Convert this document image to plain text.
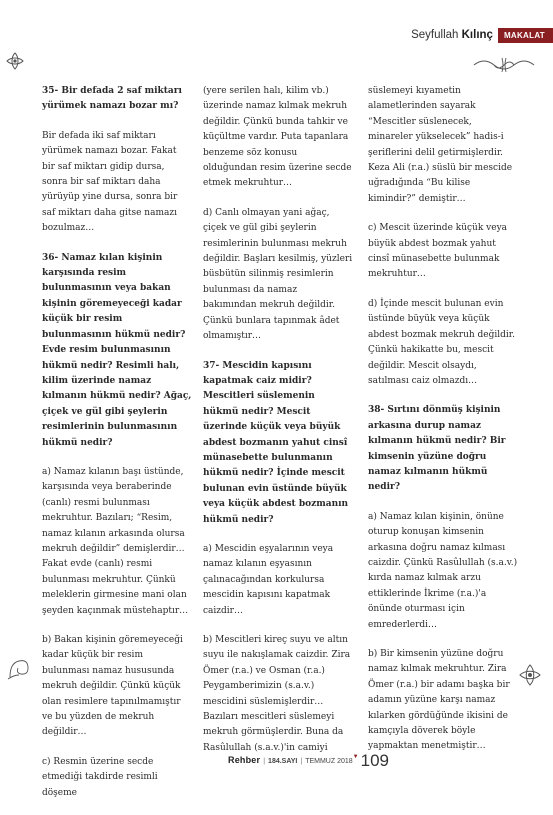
Seyfullah Kılınç	MAKALAT

35- Bir defada 2 saf miktarı yürümek namazı bozar mı?

Bir defada iki saf miktarı yürümek namazı bozar. Fakat bir saf miktarı gidip dursa, sonra bir saf miktarı daha yürüyüp yine dursa, sonra bir saf miktarı daha gitse namazı bozulmaz…

36- Namaz kılan kişinin karşısında resim bulunmasının veya bakan kişinin göremeyeceği kadar küçük bir resim bulunmasının hükmü nedir? Evde resim bulunmasının hükmü nedir? Resimli halı, kilim üzerinde namaz kılmanın hükmü nedir? Ağaç, çiçek ve gül gibi şeylerin resimlerinin bulunmasının hükmü nedir?

a) Namaz kılanın başı üstünde, karşısında veya beraberinde (canlı) resmi bulunması mekruhtur. Bazıları; “Resim, namaz kılanın arkasında olursa mekruh değildir” demişlerdir… Fakat evde (canlı) resmi bulunması mekruhtur. Çünkü meleklerin girmesine mani olan şeyden kaçınmak müstehaptır…

b) Bakan kişinin göremeyeceği kadar küçük bir resim bulunması namaz hususunda mekruh değildir. Çünkü küçük olan resimlere tapınılmamıştır ve bu yüzden de mekruh değildir…

c) Resmin üzerine secde etmediği takdirde resimli döşeme

(yere serilen halı, kilim vb.) üzerinde namaz kılmak mekruh değildir. Çünkü bunda tahkir ve küçültme vardır. Puta tapanlara benzeme söz konusu olduğundan resim üzerine secde etmek mekruhtur…

d) Canlı olmayan yani ağaç, çiçek ve gül gibi şeylerin resimlerinin bulunması mekruh değildir. Başları kesilmiş, yüzleri büsbütün silinmiş resimlerin bulunması da namaz bakımından mekruh değildir. Çünkü bunlara tapınmak âdet olmamıştır…

37- Mescidin kapısını kapatmak caiz midir? Mescitleri süslemenin hükmü nedir? Mescit üzerinde küçük veya büyük abdest bozmanın yahut cinsî münasebette bulunmanın hükmü nedir? İçinde mescit bulunan evin üstünde büyük veya küçük abdest bozmanın hükmü nedir?

a) Mescidin eşyalarının veya namaz kılanın eşyasının çalınacağından korkulursa mescidin kapısını kapatmak caizdir…

b) Mescitleri kireç suyu ve altın suyu ile nakışlamak caizdir. Zira Ömer (r.a.) ve Osman (r.a.) Peygamberimizin (s.a.v.) mescidini süslemişlerdir… Bazıları mescitleri süslemeyi mekruh görmüşlerdir. Buna da Rasûlullah (s.a.v.)'in camiyi

süslemeyi kıyametin alametlerinden sayarak “Mescitler süslenecek, minareler yükselecek” hadis-i şeriflerini delil getirmişlerdir. Keza Ali (r.a.) süslü bir mescide uğradığında “Bu kilise kimindir?” demiştir…

c) Mescit üzerinde küçük veya büyük abdest bozmak yahut cinsî münasebette bulunmak mekruhtur…

d) İçinde mescit bulunan evin üstünde büyük veya küçük abdest bozmak mekruh değildir. Çünkü hakikatte bu, mescit değildir. Mescit olsaydı, satılması caiz olmazdı…

38- Sırtını dönmüş kişinin arkasına durup namaz kılmanın hükmü nedir? Bir kimsenin yüzüne doğru namaz kılmanın hükmü nedir?

a) Namaz kılan kişinin, önüne oturup konuşan kimsenin arkasına doğru namaz kılması caizdir. Çünkü Rasûlullah (s.a.v.) kırda namaz kılmak arzu ettiklerinde İkrime (r.a.)'a önünde oturması için emrederlerdi…

b) Bir kimsenin yüzüne doğru namaz kılmak mekruhtur. Zira Ömer (r.a.) bir adamı başka bir adamın yüzüne karşı namaz kılarken gördüğünde ikisini de kamçıyla döverek böyle yapmaktan menetmiştir…

Rehber | 184.SAYI | TEMMUZ 2018
▼ 109
